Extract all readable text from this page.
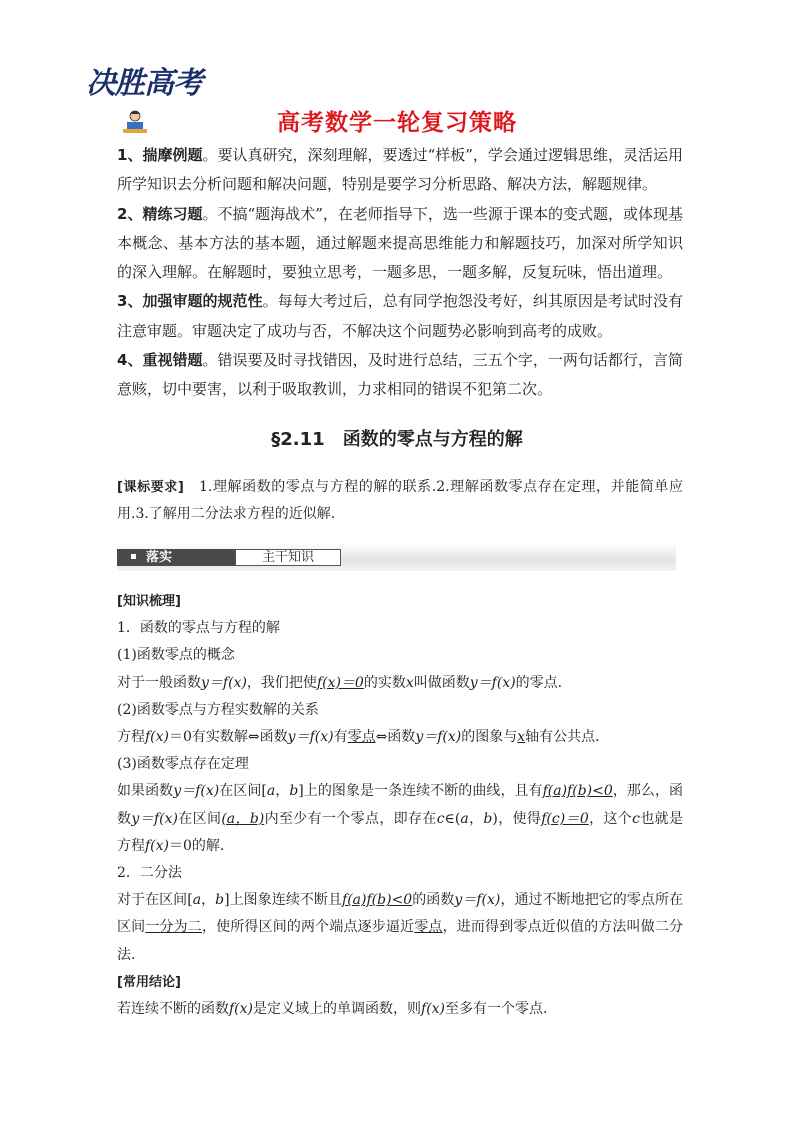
决胜高考
高考数学一轮复习策略

1、揣摩例题。要认真研究，深刻理解，要透过“样板”，学会通过逻辑思维，灵活运用所学知识去分析问题和解决问题，特别是要学习分析思路、解决方法，解题规律。

2、精练习题。不搞“题海战术”，在老师指导下，选一些源于课本的变式题，或体现基本概念、基本方法的基本题，通过解题来提高思维能力和解题技巧，加深对所学知识的深入理解。在解题时，要独立思考，一题多思，一题多解，反复玩味，悟出道理。

3、加强审题的规范性。每每大考过后，总有同学抱怨没考好，纠其原因是考试时没有注意审题。审题决定了成功与否，不解决这个问题势必影响到高考的成败。

4、重视错题。错误要及时寻找错因，及时进行总结，三五个字，一两句话都行，言简意赅，切中要害，以利于吸取教训，力求相同的错误不犯第二次。

§2.11　函数的零点与方程的解
[课标要求]　1.理解函数的零点与方程的解的联系.2.理解函数零点存在定理，并能简单应用.3.了解用二分法求方程的近似解.
落实	主干知识

[知识梳理]

1．函数的零点与方程的解

(1)函数零点的概念

对于一般函数y＝f(x)，我们把使f(x)＝0的实数x叫做函数y＝f(x)的零点．

(2)函数零点与方程实数解的关系

方程f(x)＝0有实数解⇔函数y＝f(x)有零点⇔函数y＝f(x)的图象与x轴有公共点．

(3)函数零点存在定理

如果函数y＝f(x)在区间[a，b]上的图象是一条连续不断的曲线，且有f(a)f(b)<0，那么，函数y＝f(x)在区间(a，b)内至少有一个零点，即存在c∈(a，b)，使得f(c)＝0，这个c也就是方程f(x)＝0的解．

2．二分法

对于在区间[a，b]上图象连续不断且f(a)f(b)<0的函数y＝f(x)，通过不断地把它的零点所在区间一分为二，使所得区间的两个端点逐步逼近零点，进而得到零点近似值的方法叫做二分法．

[常用结论]

若连续不断的函数f(x)是定义域上的单调函数，则f(x)至多有一个零点．
